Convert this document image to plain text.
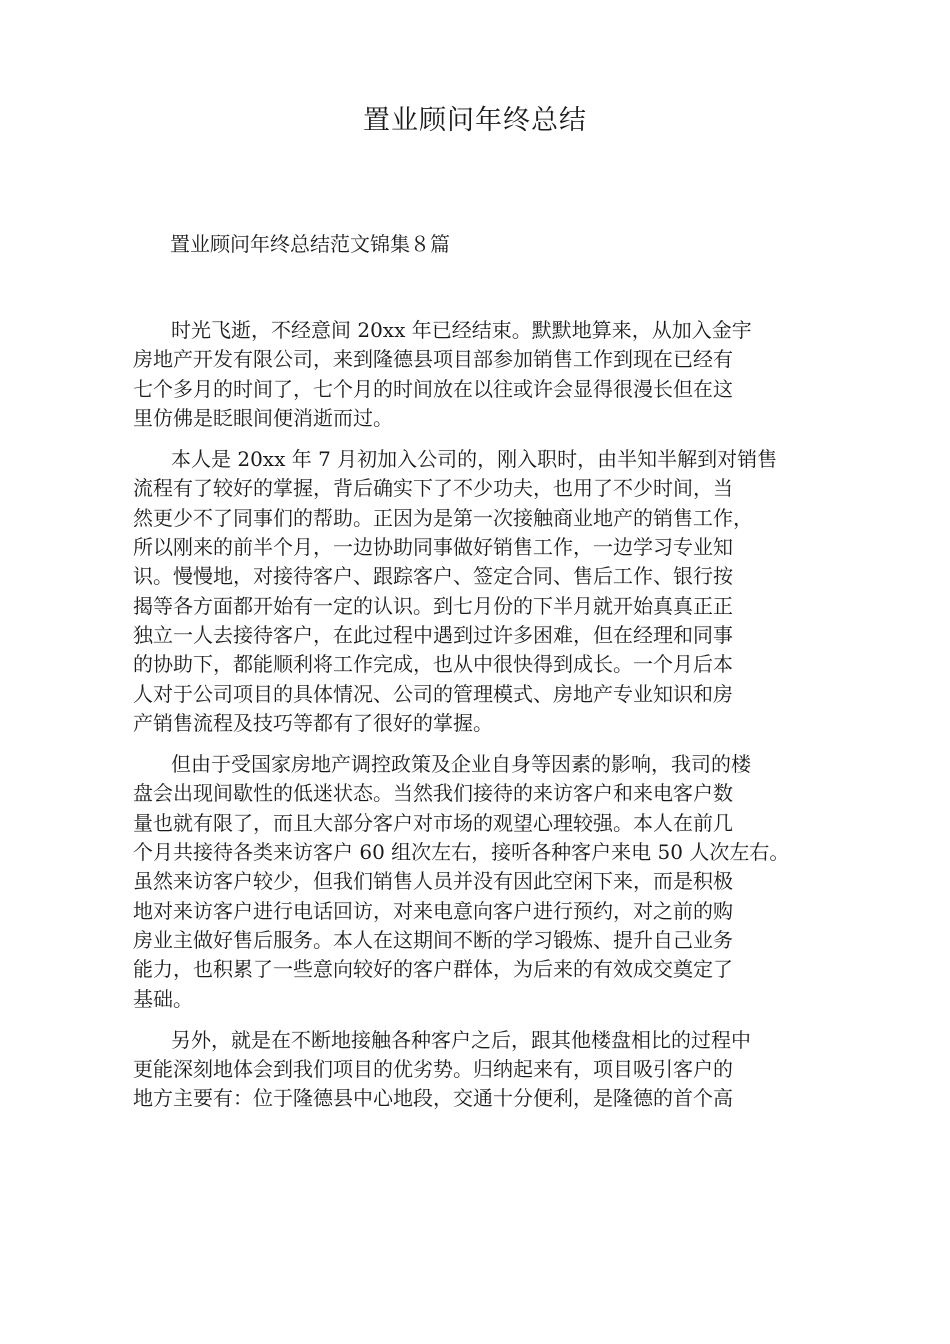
置业顾问年终总结

置业顾问年终总结范文锦集８篇

时光飞逝，不经意间 20xx 年已经结束。默默地算来，从加入金宇
房地产开发有限公司，来到隆德县项目部参加销售工作到现在已经有
七个多月的时间了，七个月的时间放在以往或许会显得很漫长但在这
里仿佛是眨眼间便消逝而过。
本人是 20xx 年 7 月初加入公司的，刚入职时，由半知半解到对销售
流程有了较好的掌握，背后确实下了不少功夫，也用了不少时间，当
然更少不了同事们的帮助。正因为是第一次接触商业地产的销售工作，
所以刚来的前半个月，一边协助同事做好销售工作，一边学习专业知
识。慢慢地，对接待客户、跟踪客户、签定合同、售后工作、银行按
揭等各方面都开始有一定的认识。到七月份的下半月就开始真真正正
独立一人去接待客户，在此过程中遇到过许多困难，但在经理和同事
的协助下，都能顺利将工作完成，也从中很快得到成长。一个月后本
人对于公司项目的具体情况、公司的管理模式、房地产专业知识和房
产销售流程及技巧等都有了很好的掌握。
但由于受国家房地产调控政策及企业自身等因素的影响，我司的楼
盘会出现间歇性的低迷状态。当然我们接待的来访客户和来电客户数
量也就有限了，而且大部分客户对市场的观望心理较强。本人在前几
个月共接待各类来访客户 60 组次左右，接听各种客户来电 50 人次左右。
虽然来访客户较少，但我们销售人员并没有因此空闲下来，而是积极
地对来访客户进行电话回访，对来电意向客户进行预约，对之前的购
房业主做好售后服务。本人在这期间不断的学习锻炼、提升自己业务
能力，也积累了一些意向较好的客户群体，为后来的有效成交奠定了
基础。
另外，就是在不断地接触各种客户之后，跟其他楼盘相比的过程中
更能深刻地体会到我们项目的优劣势。归纳起来有，项目吸引客户的
地方主要有：位于隆德县中心地段，交通十分便利，是隆德的首个高
